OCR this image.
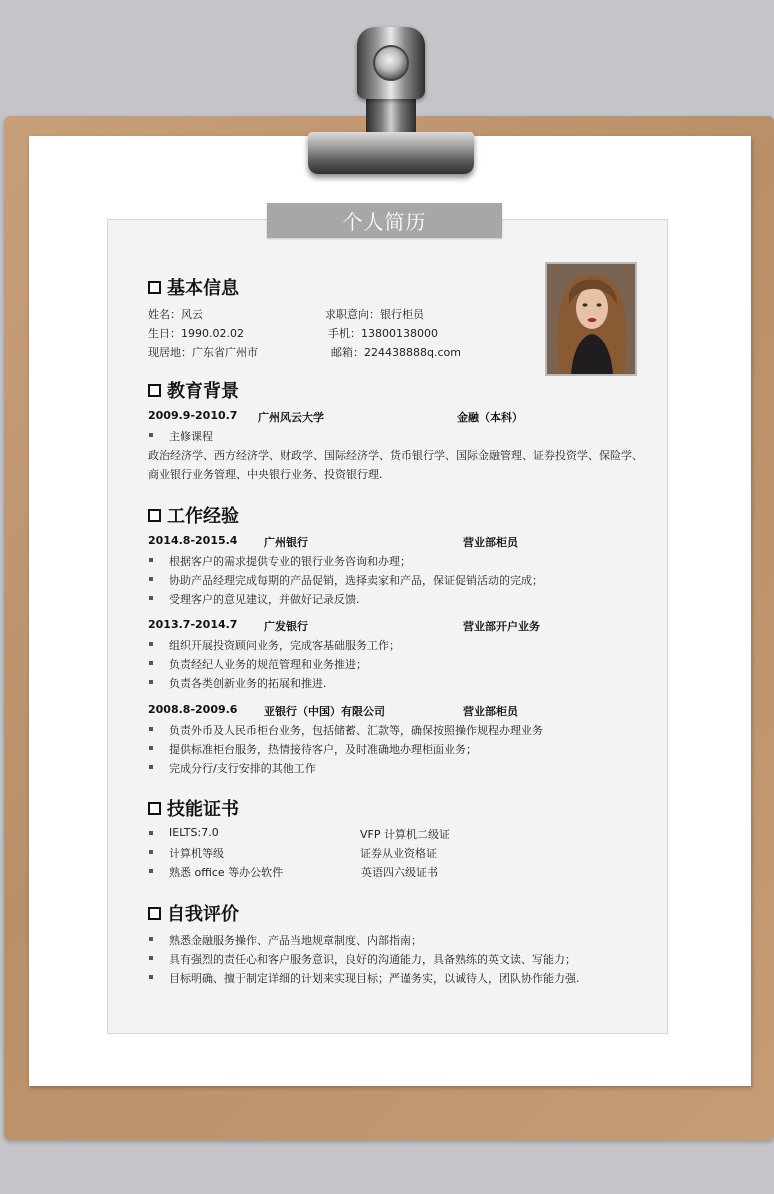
个人简历
基本信息
姓名：风云	求职意向：银行柜员
生日：1990.02.02	手机：13800138000
现居地：广东省广州市	邮箱：224438888q.com
教育背景
2009.9-2010.7 广州风云大学	金融（本科）
主修课程
政治经济学、西方经济学、财政学、国际经济学、货币银行学、国际金融管理、证券投资学、保险学、
商业银行业务管理、中央银行业务、投资银行理.
工作经验
2014.8-2015.4 广州银行	营业部柜员
根据客户的需求提供专业的银行业务咨询和办理；
协助产品经理完成每期的产品促销，选择卖家和产品，保证促销活动的完成；
受理客户的意见建议，并做好记录反馈.
2013.7-2014.7 广发银行	营业部开户业务
组织开展投资顾问业务，完成客基础服务工作；
负责经纪人业务的规范管理和业务推进；
负责各类创新业务的拓展和推进.
2008.8-2009.6 亚银行（中国）有限公司	营业部柜员
负责外币及人民币柜台业务，包括储蓄、汇款等，确保按照操作规程办理业务
提供标准柜台服务，热情接待客户，及时准确地办理柜面业务；
完成分行/支行安排的其他工作
技能证书
IELTS:7.0	VFP 计算机二级证
计算机等级	证券从业资格证
熟悉 office 等办公软件	英语四六级证书
自我评价
熟悉金融服务操作、产品当地规章制度、内部指南；
具有强烈的责任心和客户服务意识，良好的沟通能力，具备熟练的英文读、写能力；
目标明确、擅于制定详细的计划来实现目标；严谨务实，以诚待人，团队协作能力强.
